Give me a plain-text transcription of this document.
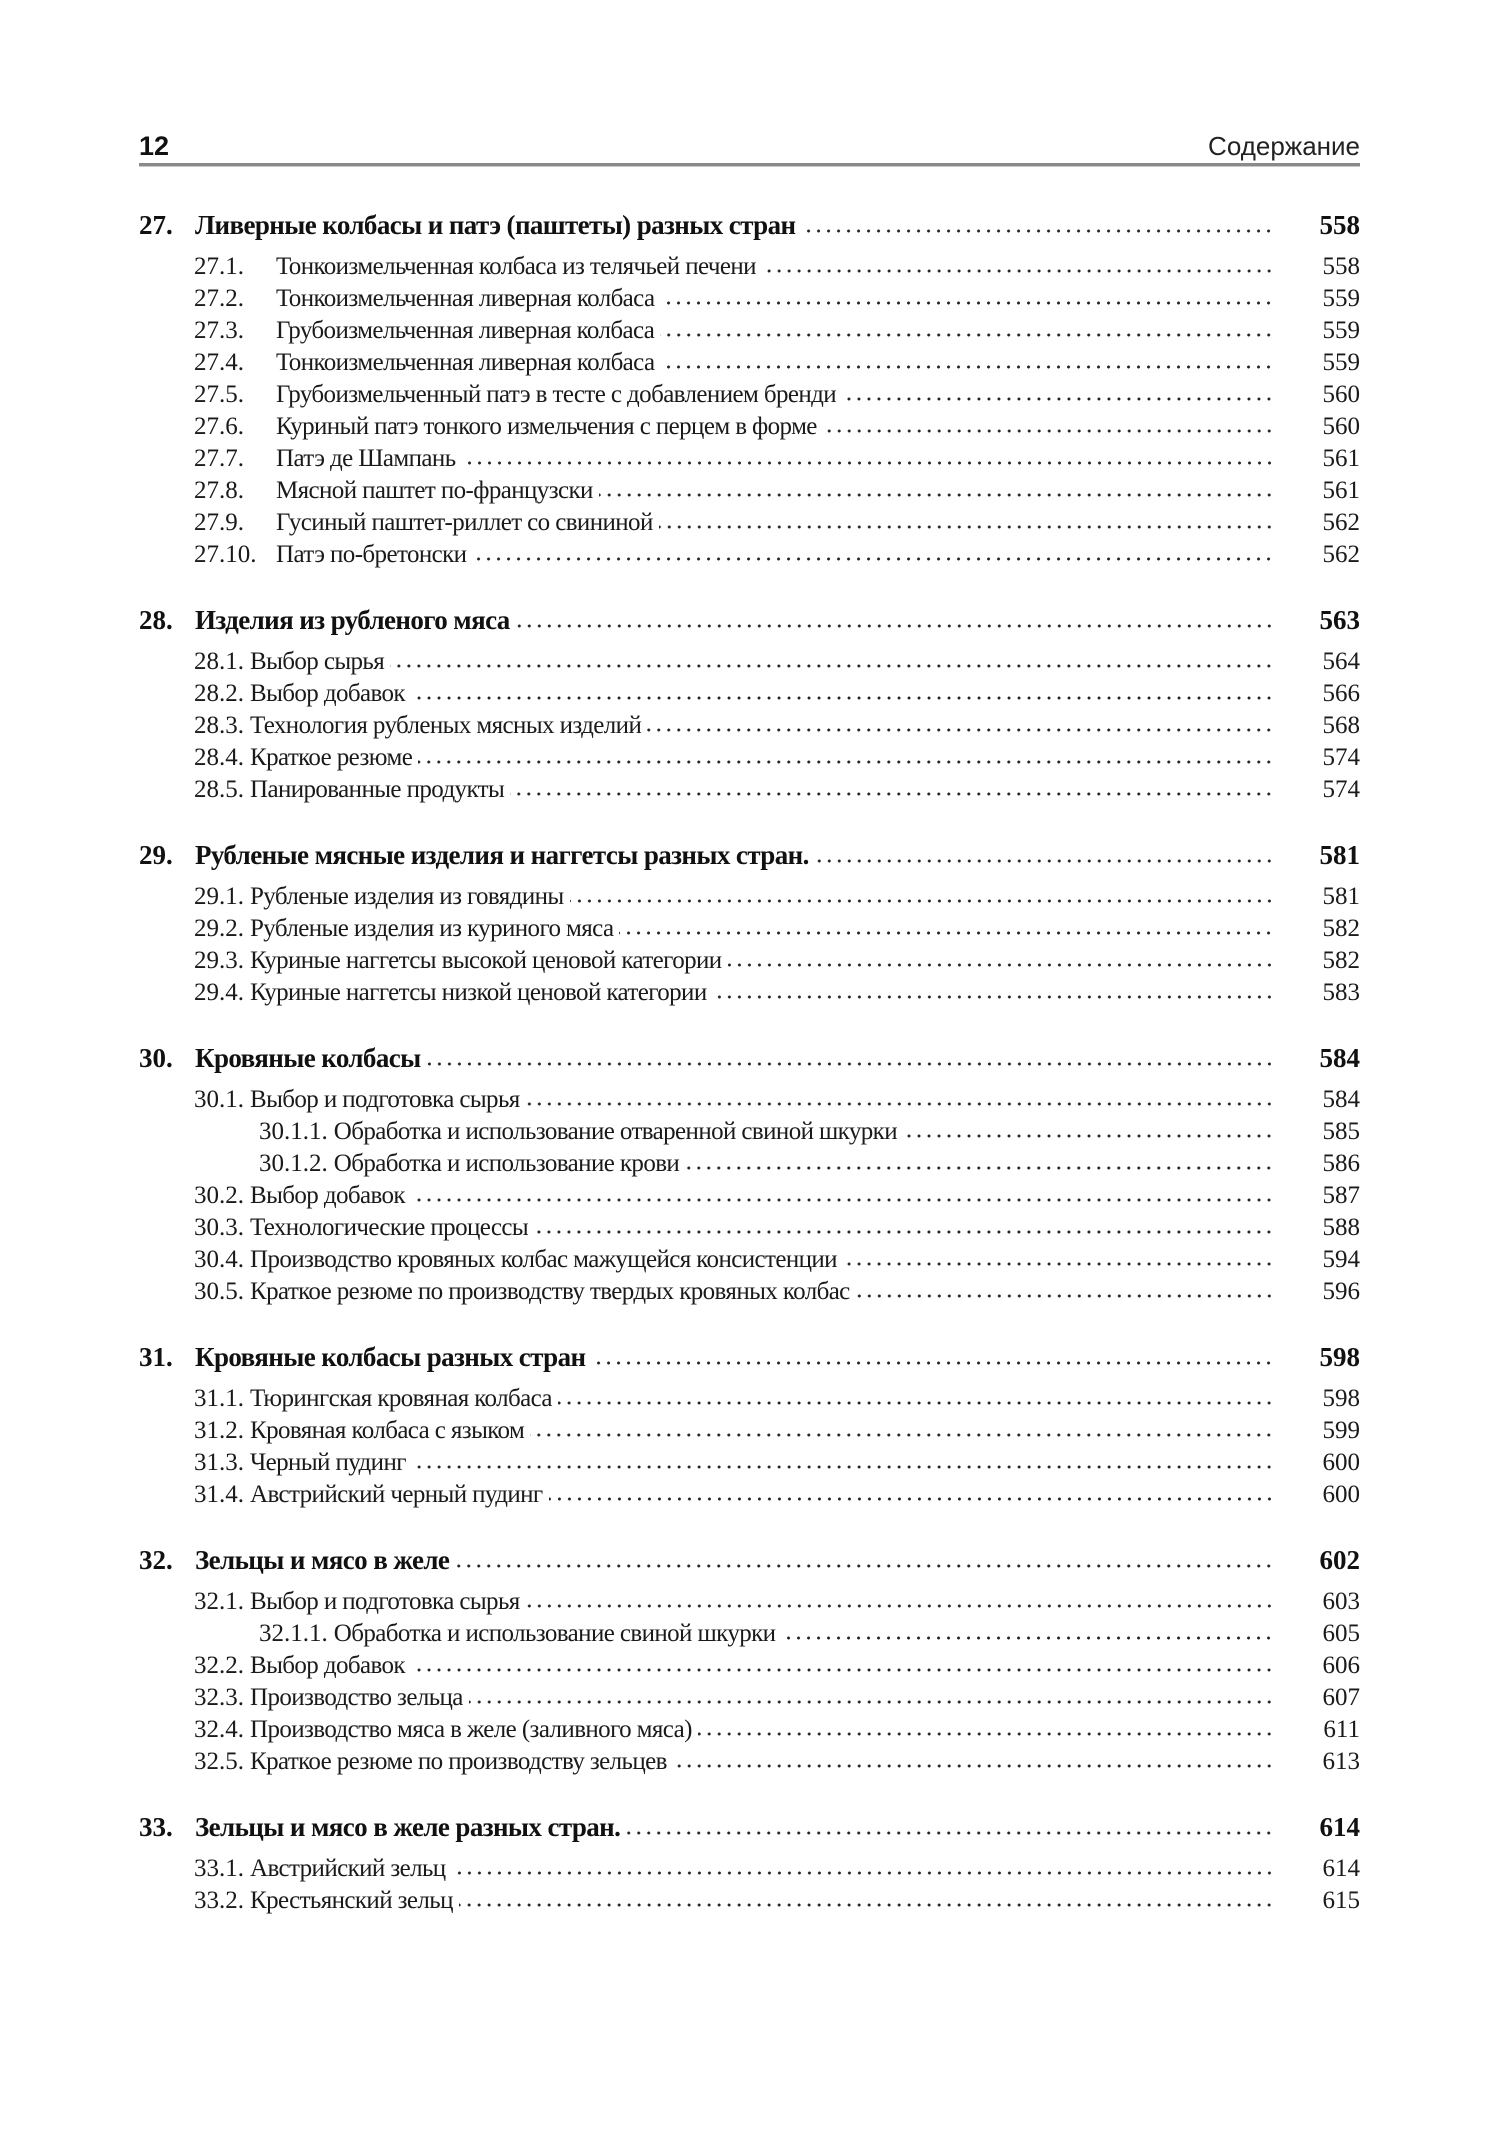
12	Содержание
27. Ливерные колбасы и патэ (паштеты) разных стран	558
27.1.	Тонкоизмельченная колбаса из телячьей печени	558
27.2.	Тонкоизмельченная ливерная колбаса	559
27.3.	Грубоизмельченная ливерная колбаса	559
27.4.	Тонкоизмельченная ливерная колбаса	559
27.5.	Грубоизмельченный патэ в тесте с добавлением бренди	560
27.6.	Куриный патэ тонкого измельчения с перцем в форме	560
27.7.	Патэ де Шампань	561
27.8.	Мясной паштет по-французски	561
27.9.	Гусиный паштет-риллет со свининой	562
27.10. Патэ по-бретонски	562
28. Изделия из рубленого мяса	563
28.1. Выбор сырья	564
28.2. Выбор добавок	566
28.3. Технология рубленых мясных изделий	568
28.4. Краткое резюме	574
28.5. Панированные продукты	574
29. Рубленые мясные изделия и наггетсы разных стран.	581
29.1. Рубленые изделия из говядины	581
29.2. Рубленые изделия из куриного мяса	582
29.3. Куриные наггетсы высокой ценовой категории	582
29.4. Куриные наггетсы низкой ценовой категории	583
30. Кровяные колбасы	584
30.1. Выбор и подготовка сырья	584
30.1.1. Обработка и использование отваренной свиной шкурки	585
30.1.2. Обработка и использование крови	586
30.2. Выбор добавок	587
30.3. Технологические процессы	588
30.4. Производство кровяных колбас мажущейся консистенции	594
30.5. Краткое резюме по производству твердых кровяных колбас	596
31. Кровяные колбасы разных стран	598
31.1. Тюрингская кровяная колбаса	598
31.2. Кровяная колбаса с языком	599
31.3. Черный пудинг	600
31.4. Австрийский черный пудинг	600
32. Зельцы и мясо в желе	602
32.1. Выбор и подготовка сырья	603
32.1.1. Обработка и использование свиной шкурки	605
32.2. Выбор добавок	606
32.3. Производство зельца	607
32.4. Производство мяса в желе (заливного мяса)	611
32.5. Краткое резюме по производству зельцев	613
33. Зельцы и мясо в желе разных стран.	614
33.1. Австрийский зельц	614
33.2. Крестьянский зельц	615
